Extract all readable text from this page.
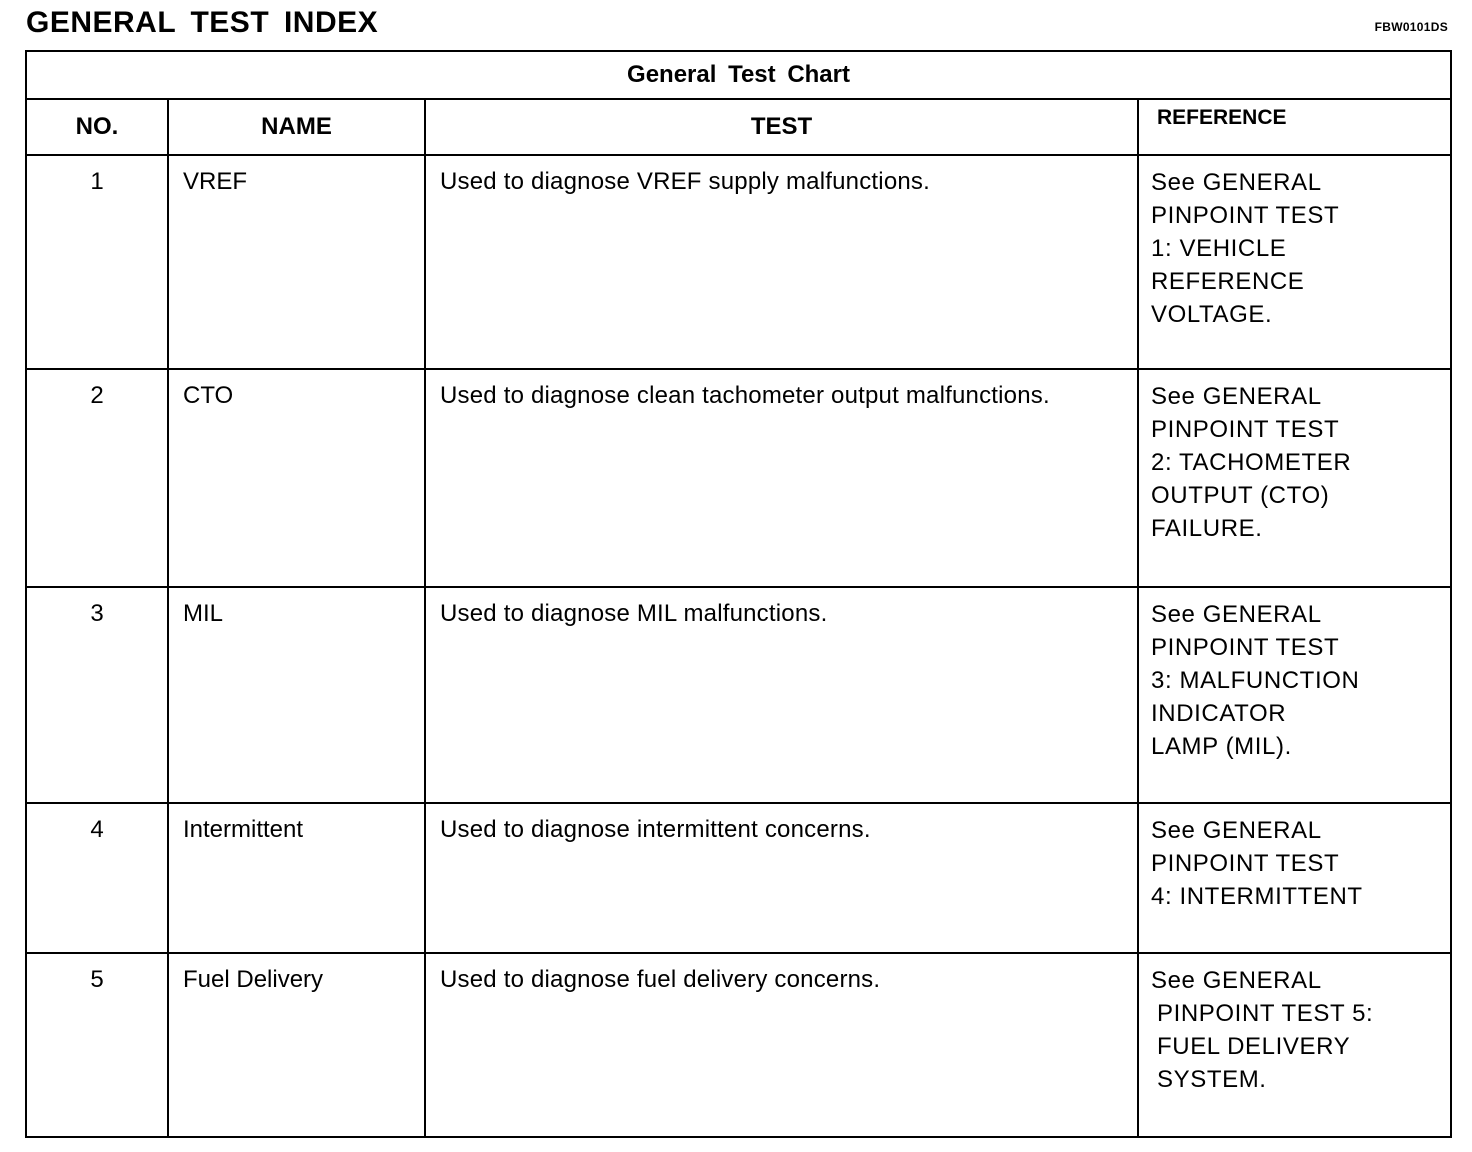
GENERAL TEST INDEX	FBW0101DS
General Test Chart			
NO.	NAME	TEST	REFERENCE
1	VREF	Used to diagnose VREF supply malfunctions.	See GENERAL
PINPOINT TEST
1: VEHICLE
REFERENCE
VOLTAGE.

2	CTO	Used to diagnose clean tachometer output malfunctions.	See GENERAL
PINPOINT TEST
2: TACHOMETER
OUTPUT (CTO)
FAILURE.

3	MIL	Used to diagnose MIL malfunctions.	See GENERAL
PINPOINT TEST
3: MALFUNCTION
INDICATOR
LAMP (MIL).

4	Intermittent	Used to diagnose intermittent concerns.	See GENERAL
PINPOINT TEST
4: INTERMITTENT

5	Fuel Delivery	Used to diagnose fuel delivery concerns.	See GENERAL
PINPOINT TEST 5:
FUEL DELIVERY
SYSTEM.
